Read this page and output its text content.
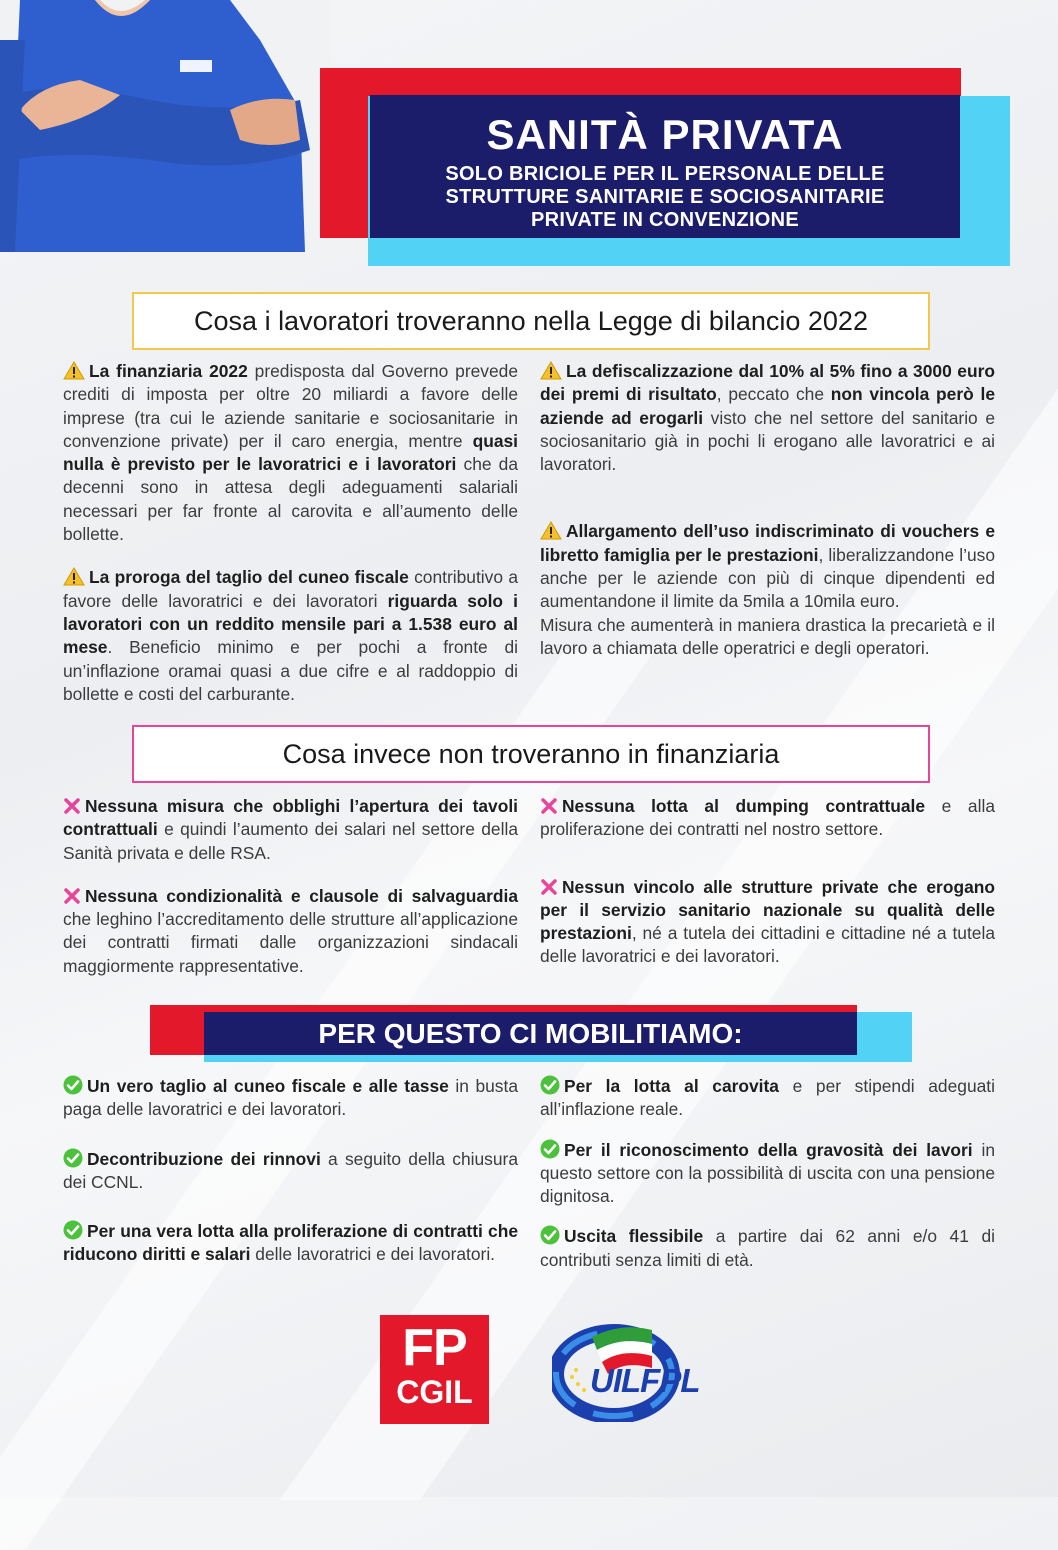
SANITÀ PRIVATA
SOLO BRICIOLE PER IL PERSONALE DELLE
STRUTTURE SANITARIE E SOCIOSANITARIE
PRIVATE IN CONVENZIONE
Cosa i lavoratori troveranno nella Legge di bilancio 2022

La finanziaria 2022 predisposta dal Governo prevede crediti di imposta per oltre 20 miliardi a favore delle imprese (tra cui le aziende sanitarie e sociosanitarie in convenzione private) per il caro energia, mentre quasi nulla è previsto per le lavoratrici e i lavoratori che da decenni sono in attesa degli adeguamenti salariali necessari per far fronte al carovita e all’aumento delle bollette.

La proroga del taglio del cuneo fiscale contributivo a favore delle lavoratrici e dei lavoratori riguarda solo i lavoratori con un reddito mensile pari a 1.538 euro al mese. Beneficio minimo e per pochi a fronte di un’inflazione oramai quasi a due cifre e al raddoppio di bollette e costi del carburante.

La defiscalizzazione dal 10% al 5% fino a 3000 euro dei premi di risultato, peccato che non vincola però le aziende ad erogarli visto che nel settore del sanitario e sociosanitario già in pochi li erogano alle lavoratrici e ai lavoratori.

Allargamento dell’uso indiscriminato di vouchers e libretto famiglia per le prestazioni, liberalizzandone l’uso anche per le aziende con più di cinque dipendenti ed aumentandone il limite da 5mila a 10mila euro.

Misura che aumenterà in maniera drastica la precarietà e il lavoro a chiamata delle operatrici e degli operatori.

Cosa invece non troveranno in finanziaria

Nessuna misura che obblighi l’apertura dei tavoli contrattuali e quindi l’aumento dei salari nel settore della Sanità privata e delle RSA.

Nessuna condizionalità e clausole di salvaguardia che leghino l’accreditamento delle strutture all’applicazione dei contratti firmati dalle organizzazioni sindacali maggiormente rappresentative.

Nessuna lotta al dumping contrattuale e alla proliferazione dei contratti nel nostro settore.

Nessun vincolo alle strutture private che erogano per il servizio sanitario nazionale su qualità delle prestazioni, né a tutela dei cittadini e cittadine né a tutela delle lavoratrici e dei lavoratori.

PER QUESTO CI MOBILITIAMO:

Un vero taglio al cuneo fiscale e alle tasse in busta paga delle lavoratrici e dei lavoratori.

Decontribuzione dei rinnovi a seguito della chiusura dei CCNL.

Per una vera lotta alla proliferazione di contratti che riducono diritti e salari delle lavoratrici e dei lavoratori.

Per la lotta al carovita e per stipendi adeguati all’inflazione reale.

Per il riconoscimento della gravosità dei lavori in questo settore con la possibilità di uscita con una pensione dignitosa.

Uscita flessibile a partire dai 62 anni e/o 41 di contributi senza limiti di età.

FP
CGIL	UILFPL
